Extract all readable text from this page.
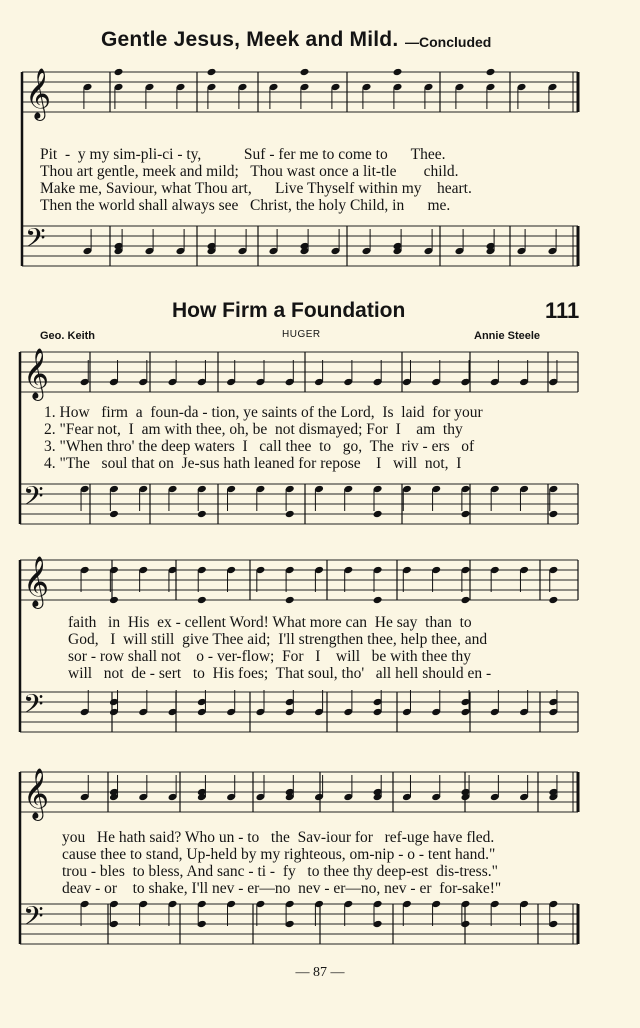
𝄞
𝄢
𝄞
𝄢
𝄞
𝄢
𝄞
𝄢
Gentle Jesus, Meek and Mild. —Concluded
Pit  -  y my sim-pli-ci - ty,           Suf - fer me to come to      Thee.
Thou art gentle, meek and mild;   Thou wast once a lit-tle       child.
Make me, Saviour, what Thou art,      Live Thyself within my    heart.
Then the world shall always see   Christ, the holy Child, in      me.
How Firm a Foundation	111
Geo. Keith	HUGER	Annie Steele
1. How   firm  a  foun-da - tion, ye saints of the Lord,  Is  laid  for your
2. "Fear not,  I  am with thee, oh, be  not dismayed; For  I    am  thy
3. "When thro' the deep waters  I   call thee  to   go,  The  riv - ers   of
4. "The   soul that on  Je-sus hath leaned for repose    I   will  not,  I
faith   in  His  ex - cellent Word! What more can  He say  than  to
God,   I  will still  give Thee aid;  I'll strengthen thee, help thee, and
sor - row shall not    o - ver-flow;  For   I    will   be with thee thy
will   not  de - sert   to  His foes;  That soul, tho'   all hell should en -
you   He hath said? Who un - to   the  Sav-iour for   ref-uge have fled.
cause thee to stand, Up-held by my righteous, om-nip - o - tent hand."
trou - bles  to bless, And sanc - ti -  fy   to thee thy deep-est  dis-tress."
deav - or    to shake, I'll nev - er—no  nev - er—no, nev - er  for-sake!"
— 87 —
